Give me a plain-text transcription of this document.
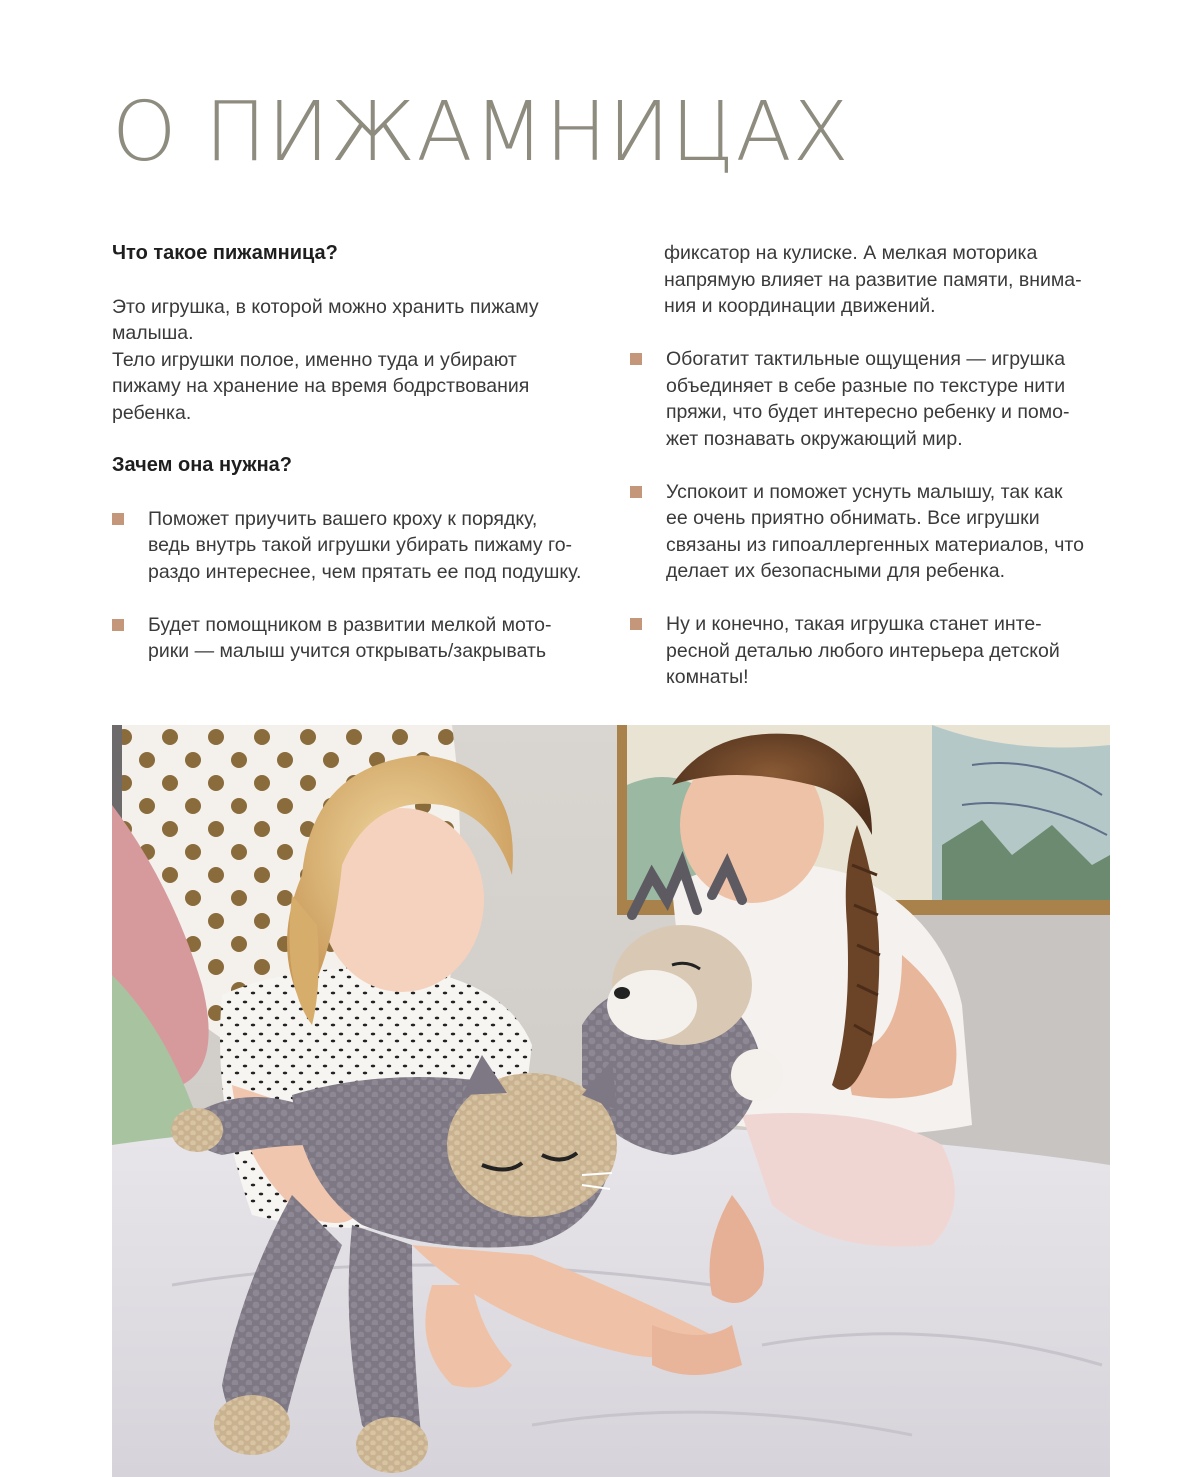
О ПИЖАМНИЦАХ

Что такое пижамница?

Это игрушка, в которой можно хранить пижаму
малыша.
Тело игрушки полое, именно туда и убирают
пижаму на хранение на время бодрствования
ребенка.

Зачем она нужна?

Поможет приучить вашего кроху к порядку,
ведь внутрь такой игрушки убирать пижаму го-
раздо интереснее, чем прятать ее под подушку.
Будет помощником в развитии мелкой мото-
рики — малыш учится открывать/закрывать

фиксатор на кулиске. А мелкая моторика
напрямую влияет на развитие памяти, внима-
ния и координации движений.

Обогатит тактильные ощущения — игрушка
объединяет в себе разные по текстуре нити
пряжи, что будет интересно ребенку и помо-
жет познавать окружающий мир.
Успокоит и поможет уснуть малышу, так как
ее очень приятно обнимать. Все игрушки
связаны из гипоаллергенных материалов, что
делает их безопасными для ребенка.
Ну и конечно, такая игрушка станет инте-
ресной деталью любого интерьера детской
комнаты!
